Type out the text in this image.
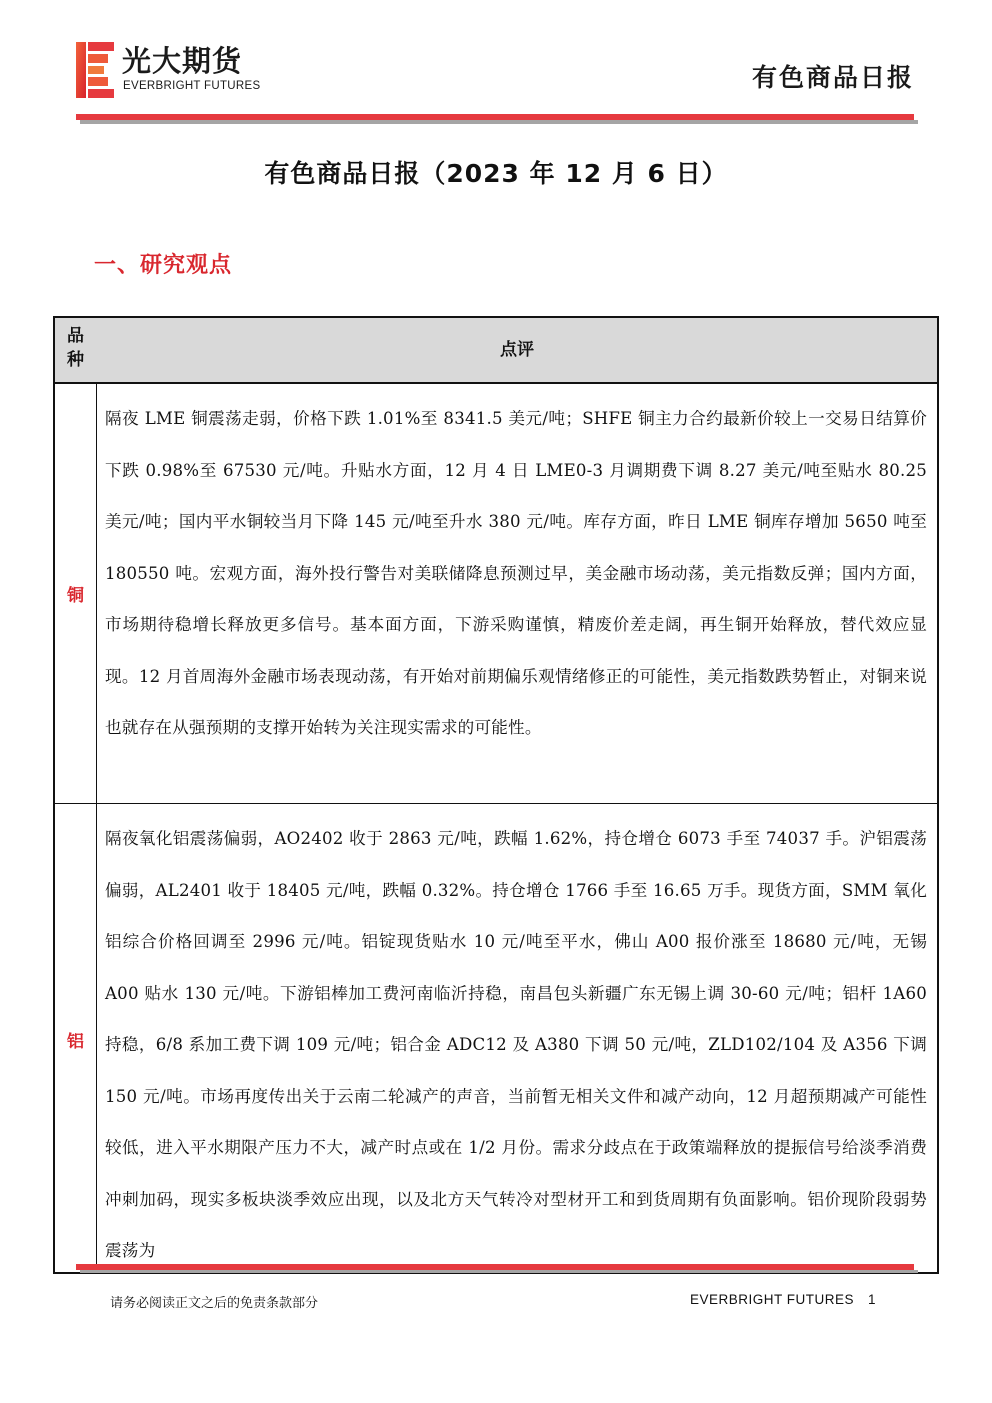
光大期货
EVERBRIGHT FUTURES	有色商品日报
有色商品日报（2023 年 12 月 6 日）
一、研究观点
品
种	点评
铜
隔夜 LME 铜震荡走弱，价格下跌 1.01%至 8341.5 美元/吨；SHFE 铜主力合约最新价较上一交易日结算价下跌 0.98%至 67530 元/吨。升贴水方面，12 月 4 日 LME0-3 月调期费下调 8.27 美元/吨至贴水 80.25 美元/吨；国内平水铜较当月下降 145 元/吨至升水 380 元/吨。库存方面，昨日 LME 铜库存增加 5650 吨至 180550 吨。宏观方面，海外投行警告对美联储降息预测过早，美金融市场动荡，美元指数反弹；国内方面，市场期待稳增长释放更多信号。基本面方面，下游采购谨慎，精废价差走阔，再生铜开始释放，替代效应显现。12 月首周海外金融市场表现动荡，有开始对前期偏乐观情绪修正的可能性，美元指数跌势暂止，对铜来说也就存在从强预期的支撑开始转为关注现实需求的可能性。
铝
隔夜氧化铝震荡偏弱，AO2402 收于 2863 元/吨，跌幅 1.62%，持仓增仓 6073 手至 74037 手。沪铝震荡偏弱，AL2401 收于 18405 元/吨，跌幅 0.32%。持仓增仓 1766 手至 16.65 万手。现货方面，SMM 氧化铝综合价格回调至 2996 元/吨。铝锭现货贴水 10 元/吨至平水，佛山 A00 报价涨至 18680 元/吨，无锡 A00 贴水 130 元/吨。下游铝棒加工费河南临沂持稳，南昌包头新疆广东无锡上调 30-60 元/吨；铝杆 1A60 持稳，6/8 系加工费下调 109 元/吨；铝合金 ADC12 及 A380 下调 50 元/吨，ZLD102/104 及 A356 下调 150 元/吨。市场再度传出关于云南二轮减产的声音，当前暂无相关文件和减产动向，12 月超预期减产可能性较低，进入平水期限产压力不大，减产时点或在 1/2 月份。需求分歧点在于政策端释放的提振信号给淡季消费冲刺加码，现实多板块淡季效应出现，以及北方天气转冷对型材开工和到货周期有负面影响。铝价现阶段弱势震荡为
请务必阅读正文之后的免责条款部分	EVERBRIGHT FUTURES 1
